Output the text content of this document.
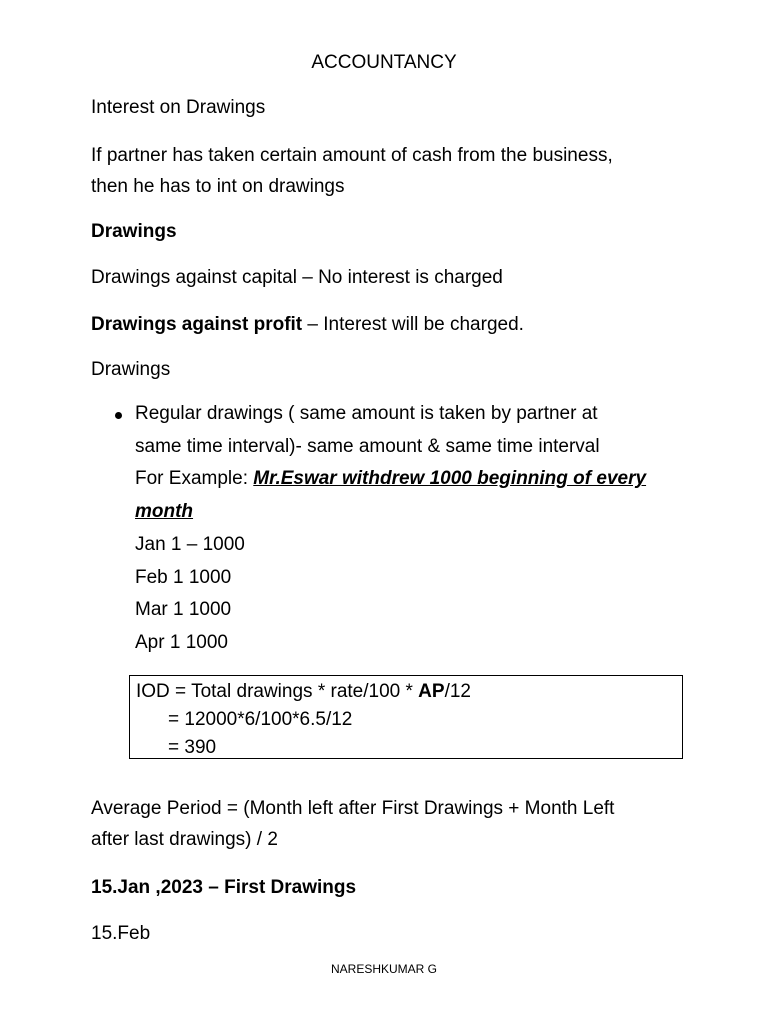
ACCOUNTANCY

Interest on Drawings

If partner has taken certain amount of cash from the business,
then he has to int on drawings

Drawings

Drawings against capital – No interest is charged

Drawings against profit – Interest will be charged.

Drawings

Regular drawings ( same amount is taken by partner at
same time interval)- same amount & same time interval
For Example: Mr.Eswar withdrew 1000 beginning of every
month
Jan 1 – 1000
Feb 1 1000
Mar 1 1000
Apr 1 1000
IOD = Total drawings * rate/100 * AP/12
= 12000*6/100*6.5/12
= 390

Average Period = (Month left after First Drawings + Month Left
after last drawings) / 2

15.Jan ,2023 – First Drawings

15.Feb

NARESHKUMAR G
